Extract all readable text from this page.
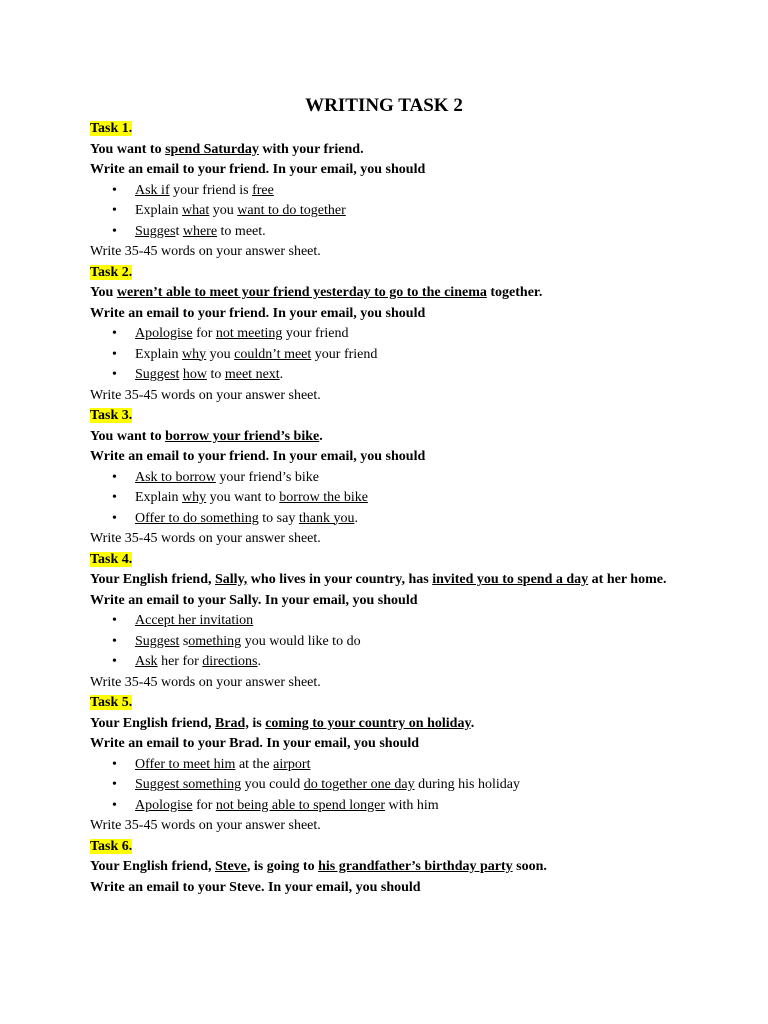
WRITING TASK 2
Task 1.
You want to spend Saturday with your friend.
Write an email to your friend. In your email, you should
• Ask if your friend is free
• Explain what you want to do together
• Suggest where to meet.
Write 35-45 words on your answer sheet.
Task 2.
You weren’t able to meet your friend yesterday to go to the cinema together.
Write an email to your friend. In your email, you should
• Apologise for not meeting your friend
• Explain why you couldn’t meet your friend
• Suggest how to meet next.
Write 35-45 words on your answer sheet.
Task 3.
You want to borrow your friend’s bike.
Write an email to your friend. In your email, you should
• Ask to borrow your friend’s bike
• Explain why you want to borrow the bike
• Offer to do something to say thank you.
Write 35-45 words on your answer sheet.
Task 4.
Your English friend, Sally, who lives in your country, has invited you to spend a day at her home.
Write an email to your Sally. In your email, you should
• Accept her invitation
• Suggest something you would like to do
• Ask her for directions.
Write 35-45 words on your answer sheet.
Task 5.
Your English friend, Brad, is coming to your country on holiday.
Write an email to your Brad. In your email, you should
• Offer to meet him at the airport
• Suggest something you could do together one day during his holiday
• Apologise for not being able to spend longer with him
Write 35-45 words on your answer sheet.
Task 6.
Your English friend, Steve, is going to his grandfather’s birthday party soon.
Write an email to your Steve. In your email, you should
